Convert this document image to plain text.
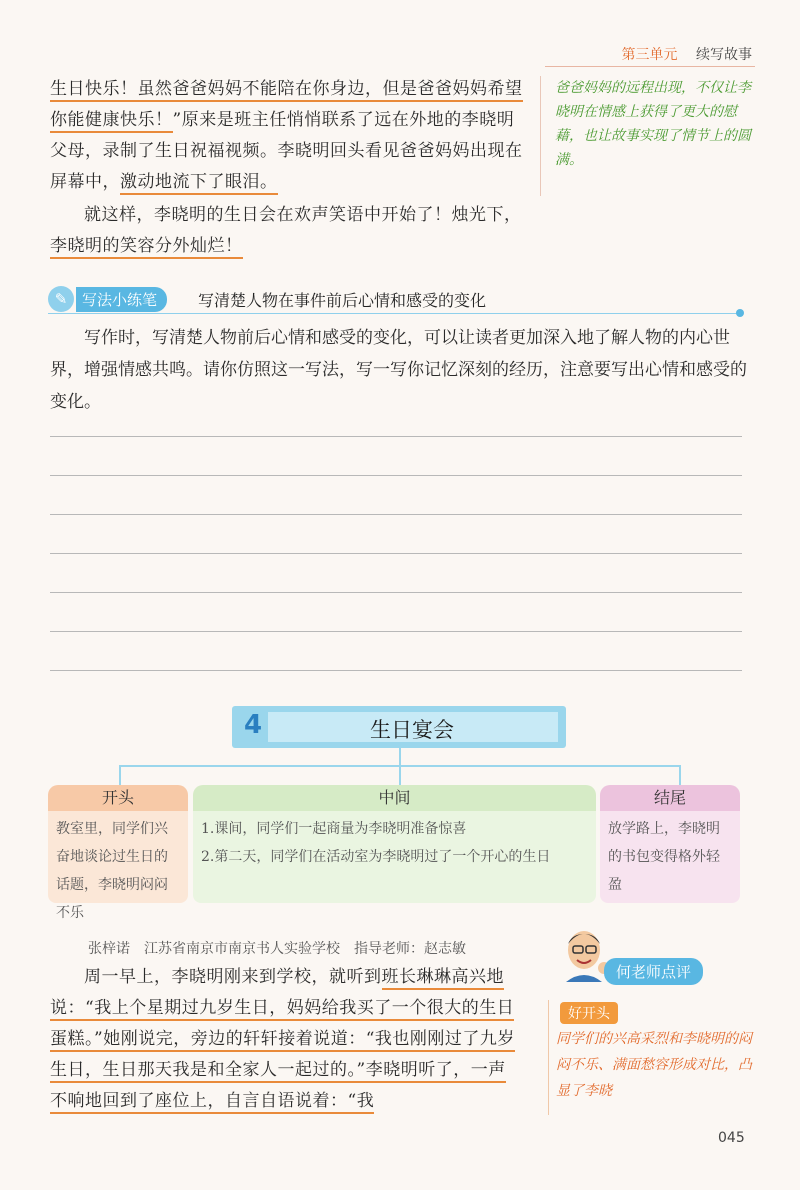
第三单元 续写故事
生日快乐！虽然爸爸妈妈不能陪在你身边，但是爸爸妈妈希望你能健康快乐！”原来是班主任悄悄联系了远在外地的李晓明父母，录制了生日祝福视频。李晓明回头看见爸爸妈妈出现在屏幕中，激动地流下了眼泪。
就这样，李晓明的生日会在欢声笑语中开始了！烛光下，李晓明的笑容分外灿烂！
爸爸妈妈的远程出现，不仅让李晓明在情感上获得了更大的慰藉，也让故事实现了情节上的圆满。
✎ 写法小练笔	写清楚人物在事件前后心情和感受的变化
写作时，写清楚人物前后心情和感受的变化，可以让读者更加深入地了解人物的内心世界，增强情感共鸣。请你仿照这一写法，写一写你记忆深刻的经历，注意要写出心情和感受的变化。
4	生日宴会
开头
教室里，同学们兴奋地谈论过生日的话题，李晓明闷闷不乐
中间
1.课间，同学们一起商量为李晓明准备惊喜
2.第二天，同学们在活动室为李晓明过了一个开心的生日
结尾
放学路上，李晓明的书包变得格外轻盈
张梓诺　江苏省南京市南京书人实验学校　指导老师：赵志敏
周一早上，李晓明刚来到学校，就听到班长琳琳高兴地说：“我上个星期过九岁生日，妈妈给我买了一个很大的生日蛋糕。”她刚说完，旁边的轩轩接着说道：“我也刚刚过了九岁生日，生日那天我是和全家人一起过的。”李晓明听了，一声不响地回到了座位上，自言自语说着：“我
何老师点评
好开头
同学们的兴高采烈和李晓明的闷闷不乐、满面愁容形成对比，凸显了李晓
045
